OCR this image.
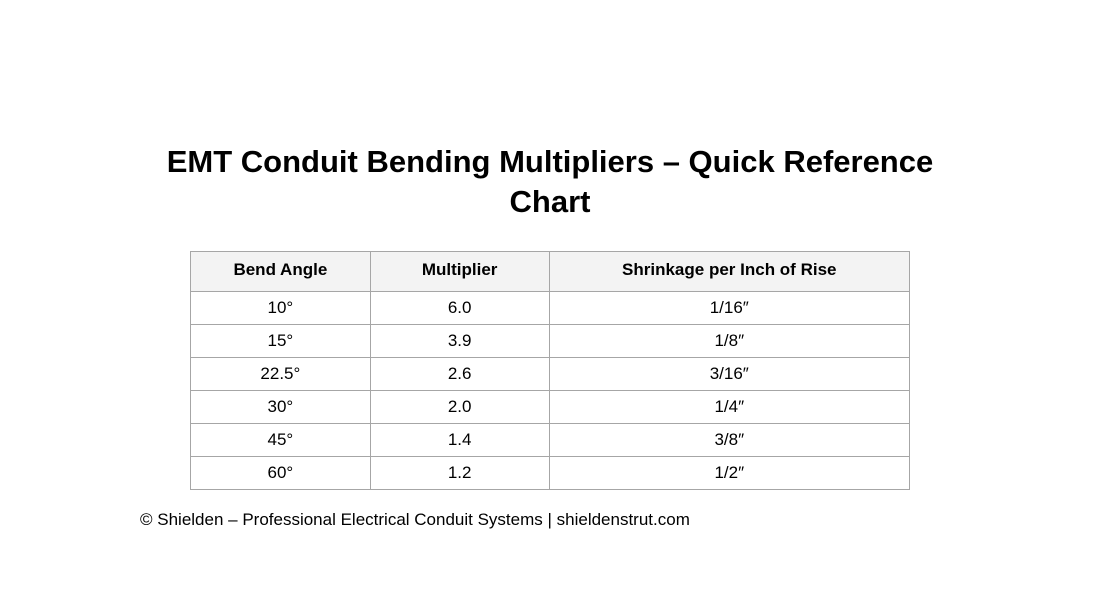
EMT Conduit Bending Multipliers – Quick Reference Chart
Bend Angle	Multiplier	Shrinkage per Inch of Rise
10°	6.0	1/16″
15°	3.9	1/8″
22.5°	2.6	3/16″
30°	2.0	1/4″
45°	1.4	3/8″
60°	1.2	1/2″

© Shielden – Professional Electrical Conduit Systems | shieldenstrut.com
